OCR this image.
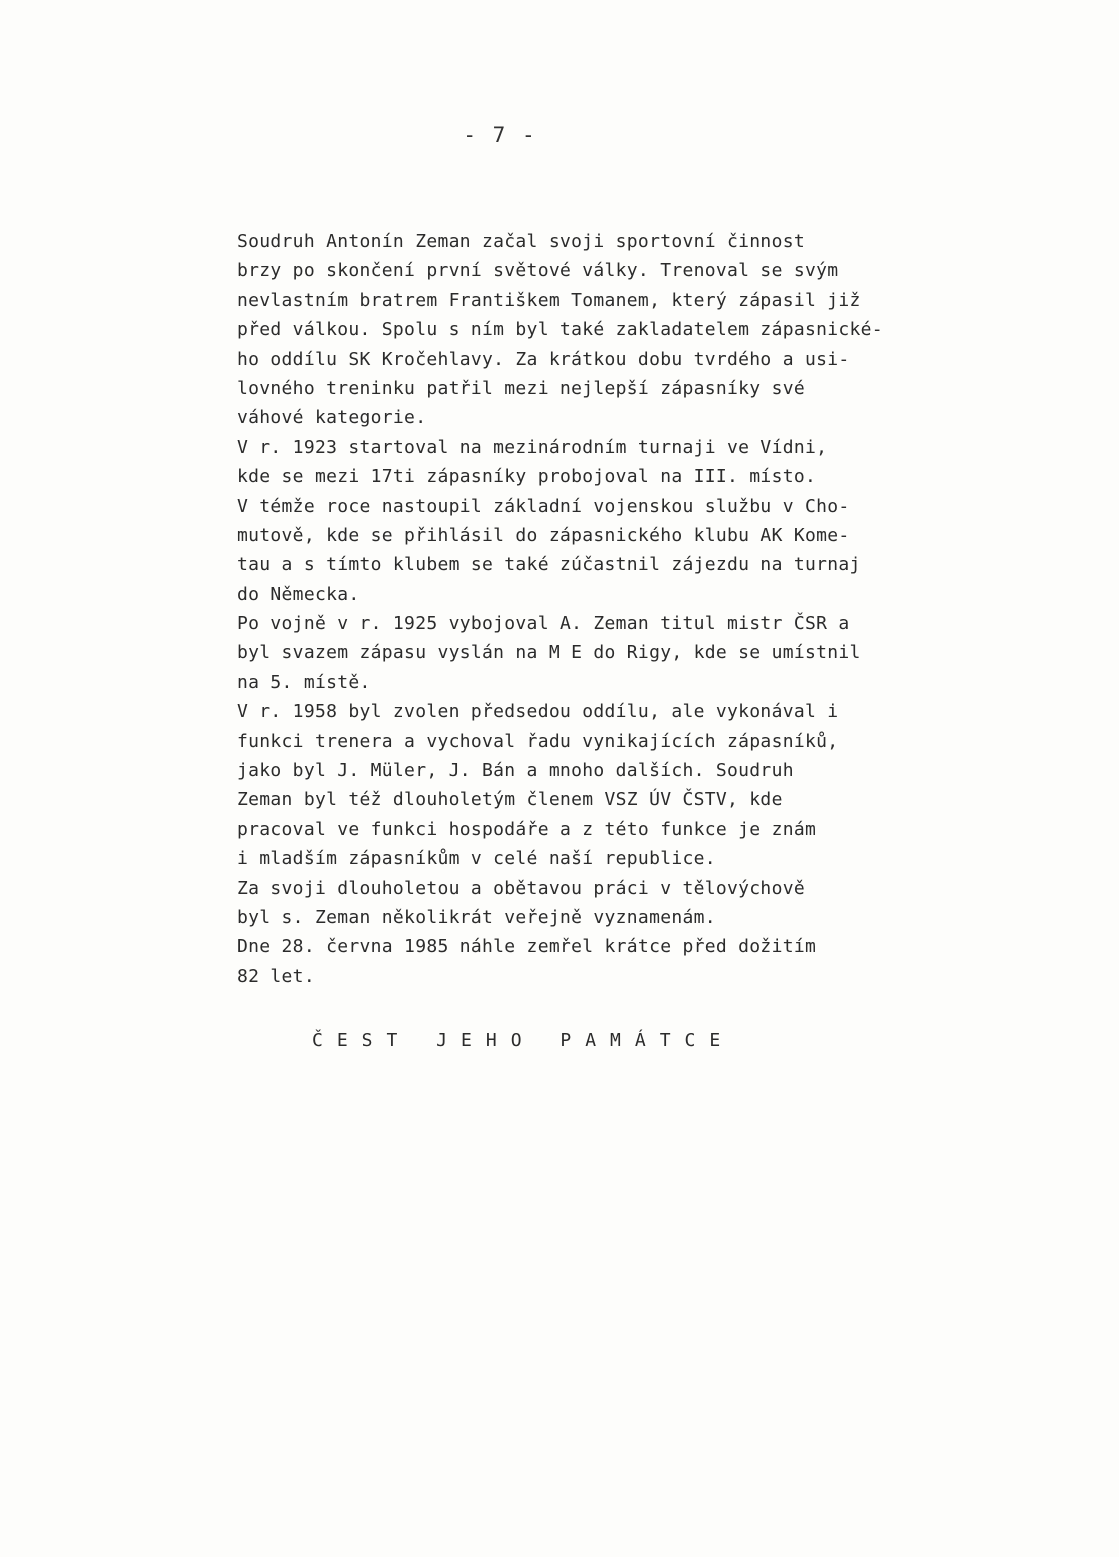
- 7 -
Soudruh Antonín Zeman začal svoji sportovní činnost
brzy po skončení první světové války. Trenoval se svým
nevlastním bratrem Františkem Tomanem, který zápasil již
před válkou. Spolu s ním byl také zakladatelem zápasnické-
ho oddílu SK Kročehlavy. Za krátkou dobu tvrdého a usi-
lovného treninku patřil mezi nejlepší zápasníky své
váhové kategorie.
V r. 1923 startoval na mezinárodním turnaji ve Vídni,
kde se mezi 17ti zápasníky probojoval na III. místo.
V témže roce nastoupil základní vojenskou službu v Cho-
mutově, kde se přihlásil do zápasnického klubu AK Kome-
tau a s tímto klubem se také zúčastnil zájezdu na turnaj
do Německa.
Po vojně v r. 1925 vybojoval A. Zeman titul mistr ČSR a
byl svazem zápasu vyslán na M E do Rigy, kde se umístnil
na 5. místě.
V r. 1958 byl zvolen předsedou oddílu, ale vykonával i
funkci trenera a vychoval řadu vynikajících zápasníků,
jako byl J. Müler, J. Bán a mnoho dalších. Soudruh
Zeman byl též dlouholetým členem VSZ ÚV ČSTV, kde
pracoval ve funkci hospodáře a z této funkce je znám
i mladším zápasníkům v celé naší republice.
Za svoji dlouholetou a obětavou práci v tělovýchově
byl s. Zeman několikrát veřejně vyznamenám.
Dne 28. června 1985 náhle zemřel krátce před dožitím
82 let.
ČEST JEHO PAMÁTCE
